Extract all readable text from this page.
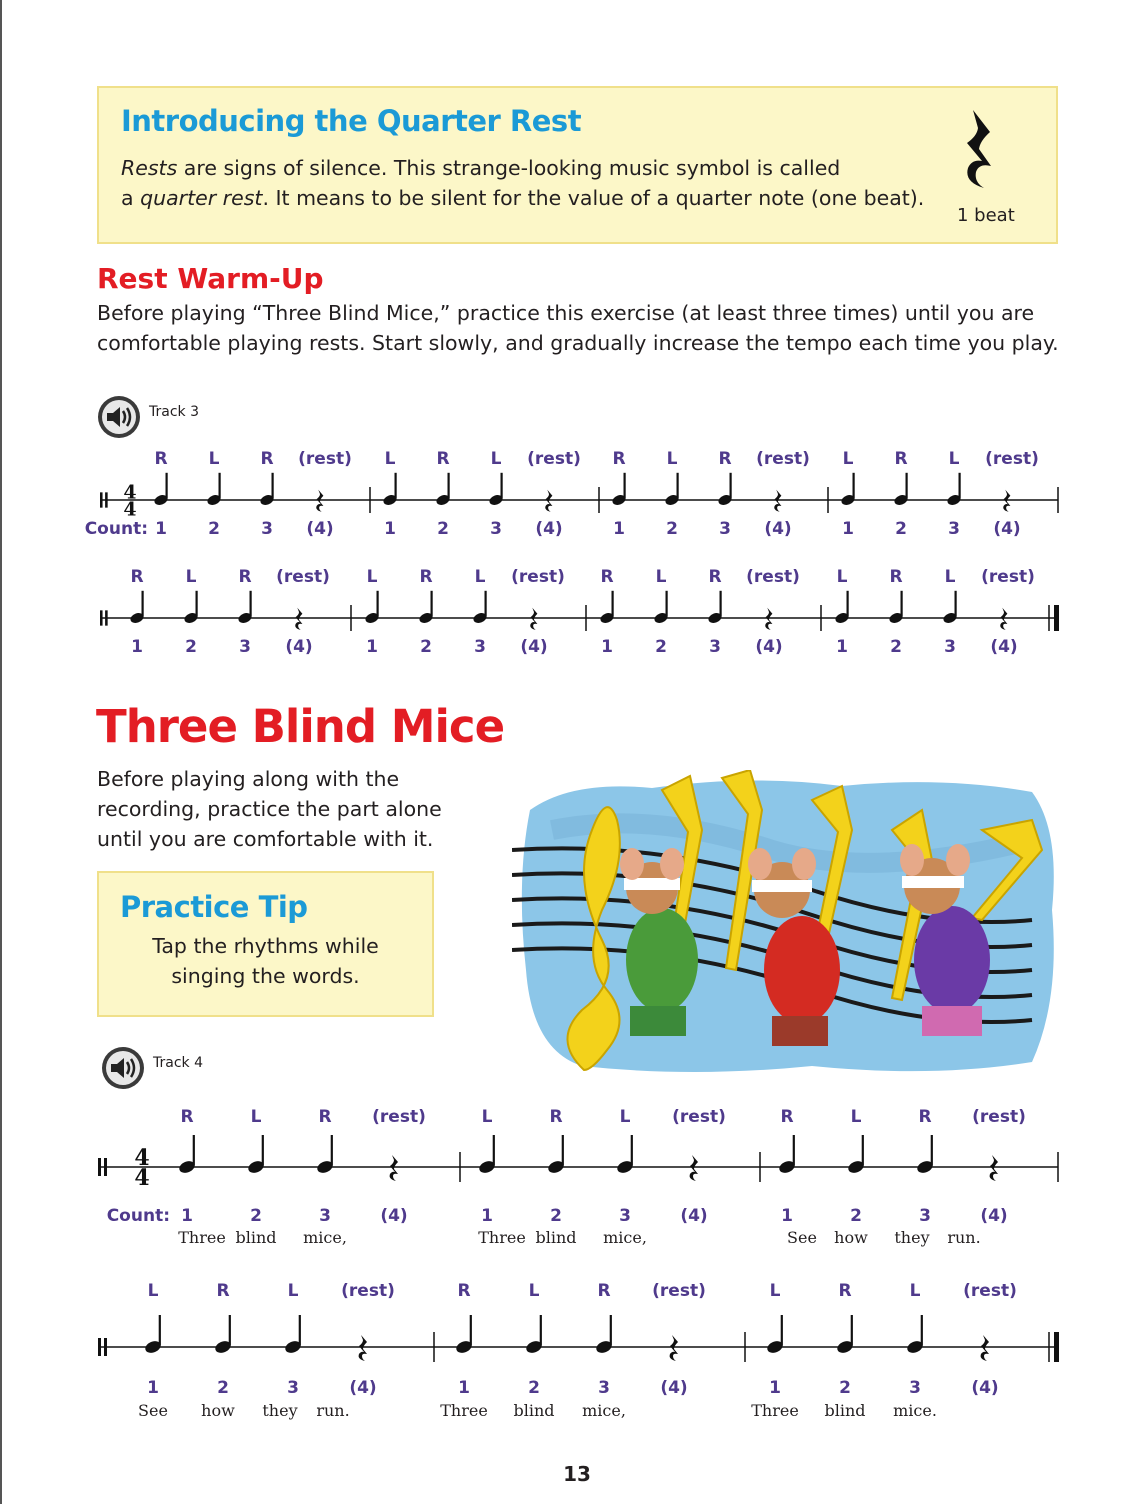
Introducing the Quarter Rest

Rests are signs of silence. This strange-looking music symbol is called

a quarter rest. It means to be silent for the value of a quarter note (one beat).

1 beat
Rest Warm-Up

Before playing “Three Blind Mice,” practice this exercise (at least three times) until you are

comfortable playing rests. Start slowly, and gradually increase the tempo each time you play.

Track 3
4
4
Count:
R
1
L
2
R
3
(rest)
(4)
L
1
R
2
L
3
(rest)
(4)
R
1
L
2
R
3
(rest)
(4)
L
1
R
2
L
3
(rest)
(4)
R
1
L
2
R
3
(rest)
(4)
L
1
R
2
L
3
(rest)
(4)
R
1
L
2
R
3
(rest)
(4)
L
1
R
2
L
3
(rest)
(4)
Three Blind Mice

Before playing along with the

recording, practice the part alone

until you are comfortable with it.

Practice Tip

Tap the rhythms while

singing the words.

Track 4
4
4
Count:
R
1
Three
L
2
blind
R
3
mice,
(rest)
(4)
L
1
Three
R
2
blind
L
3
mice,
(rest)
(4)
R
1
See
L
2
how
R
3
they
(rest)
(4)
run.
L
1
See
R
2
how
L
3
they
(rest)
(4)
run.
R
1
Three
L
2
blind
R
3
mice,
(rest)
(4)
L
1
Three
R
2
blind
L
3
mice.
(rest)
(4)
13
